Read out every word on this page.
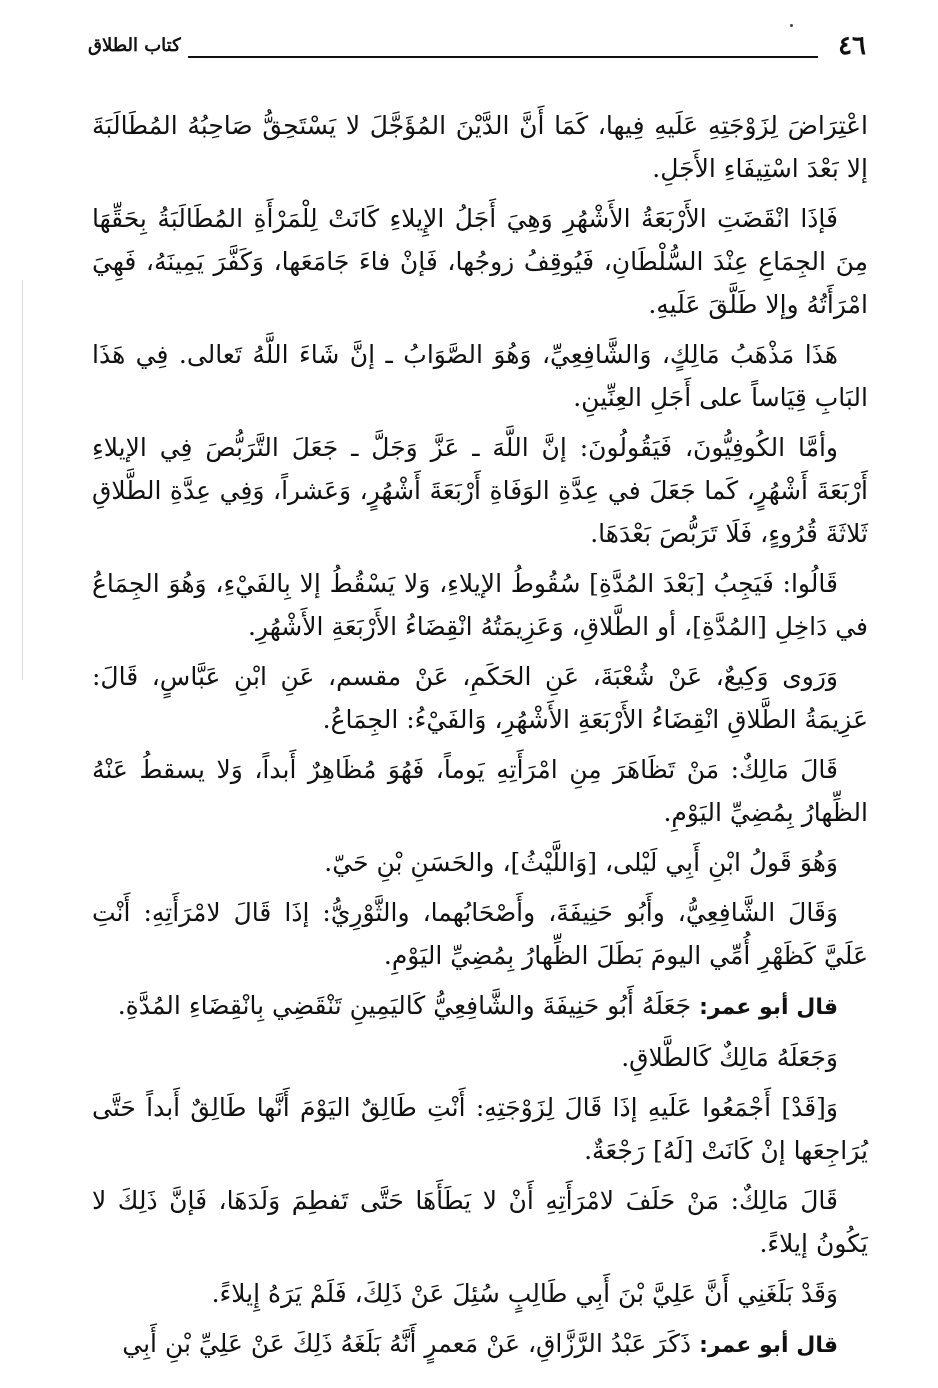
٤٦
كتاب الطلاق

اعْتِرَاضَ لِزَوْجَتِهِ عَلَيهِ فِيها، كَمَا أَنَّ الدَّيْنَ المُؤَجَّلَ لا يَسْتَحِقُّ صَاحِبُهُ المُطَالَبَةَ إلا بَعْدَ اسْتِيفَاءِ الأَجَلِ.

فَإذَا انْقَضَتِ الأَرْبَعَةُ الأَشْهُرِ وَهِيَ أَجَلُ الإِيلاءِ كَانَتْ لِلْمَرْأَةِ المُطَالَبَةُ بِحَقِّهَا مِنَ الجِمَاعِ عِنْدَ السُّلْطَانِ، فَيُوقِفُ زوجُها، فَإنْ فاءَ جَامَعَها، وَكَفَّرَ يَمِينَهُ، فَهِيَ امْرَأَتُهُ وإلا طَلَّقَ عَلَيهِ.

هَذَا مَذْهَبُ مَالِكٍ، وَالشَّافِعِيِّ، وَهُوَ الصَّوَابُ ـ إنَّ شَاءَ اللَّهُ تَعالى. فِي هَذَا البَابِ قِيَاساً على أَجَلِ العِنِّينِ.

وأمَّا الكُوفِيُّونَ، فَيَقُولُونَ: إنَّ اللَّهَ ـ عَزَّ وَجَلَّ ـ جَعَلَ التَّرَبُّصَ فِي الإيلاءِ أَرْبَعَةَ أَشْهُرٍ، كَما جَعَلَ في عِدَّةِ الوَفَاةِ أَرْبَعَةَ أَشْهُرٍ، وَعَشراً، وَفِي عِدَّةِ الطَّلاقِ ثَلاثَةَ قُرُوءٍ، فَلَا تَرَبُّصَ بَعْدَهَا.

قَالُوا: فَيَجِبُ [بَعْدَ المُدَّةِ] سُقُوطُ الإيلاءِ، وَلا يَسْقُطُ إلا بِالفَيْءِ، وَهُوَ الجِمَاعُ في دَاخِلِ [المُدَّةِ]، أو الطَّلاقِ، وَعَزِيمَتُهُ انْقِضَاءُ الأَرْبَعَةِ الأَشْهُرِ.

وَرَوى وَكِيعٌ، عَنْ شُعْبَةَ، عَنِ الحَكَمِ، عَنْ مقسم، عَنِ ابْنِ عَبَّاسٍ، قَالَ: عَزِيمَةُ الطَّلاقِ انْقِضَاءُ الأَرْبَعَةِ الأَشْهُرِ، وَالفَيْءُ: الجِمَاعُ.

قَالَ مَالِكٌ: مَنْ تَظَاهَرَ مِنِ امْرَأَتِهِ يَوماً، فَهُوَ مُظَاهِرٌ أَبداً، وَلا يسقطُ عَنْهُ الظِّهارُ بِمُضِيِّ اليَوْمِ.

وَهُوَ قَولُ ابْنِ أَبِي لَيْلى، [وَاللَّيْثُ]، والحَسَنِ بْنِ حَيّ.

وَقَالَ الشَّافِعِيُّ، وأَبُو حَنِيفَةَ، وأَصْحَابُهما، والثَّوْرِيُّ: إذَا قَالَ لامْرَأَتِهِ: أَنْتِ عَلَيَّ كَظَهْرِ أُمِّي اليومَ بَطَلَ الظِّهارُ بِمُضِيِّ اليَوْمِ.

قال أبو عمر: جَعَلَهُ أَبُو حَنِيفَةَ والشَّافِعِيُّ كَاليَمِينِ تَنْقَضِي بِانْقِضَاءِ المُدَّةِ.

وَجَعَلَهُ مَالِكٌ كَالطَّلاقِ.

وَ[قَدْ] أَجْمَعُوا عَلَيهِ إذَا قَالَ لِزَوْجَتِهِ: أَنْتِ طَالِقٌ اليَوْمَ أَنَّها طَالِقٌ أَبداً حَتَّى يُرَاجِعَها إنْ كَانَتْ [لَهُ] رَجْعَةٌ.

قَالَ مَالِكٌ: مَنْ حَلَفَ لامْرَأَتِهِ أَنْ لا يَطَأَهَا حَتَّى تَفطِمَ وَلَدَهَا، فَإنَّ ذَلِكَ لا يَكُونُ إيلاءً.

وَقَدْ بَلَغَنِي أَنَّ عَلِيَّ بْنَ أَبِي طَالِبٍ سُئِلَ عَنْ ذَلِكَ، فَلَمْ يَرَهُ إِيلاءً.

قال أبو عمر: ذَكَرَ عَبْدُ الرَّزَّاقِ، عَنْ مَعمرٍ أَنَّهُ بَلَغَهُ ذَلِكَ عَنْ عَلِيِّ بْنِ أَبِي
